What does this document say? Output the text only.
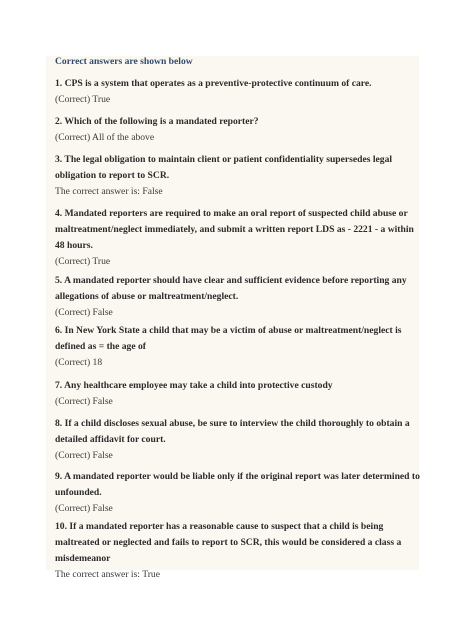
Correct answers are shown below
1. CPS is a system that operates as a preventive-protective continuum of care.
(Correct) True
2. Which of the following is a mandated reporter?
(Correct) All of the above
3. The legal obligation to maintain client or patient confidentiality supersedes legal obligation to report to SCR.
The correct answer is: False
4. Mandated reporters are required to make an oral report of suspected child abuse or maltreatment/neglect immediately, and submit a written report LDS as - 2221 - a within 48 hours.
(Correct) True
5. A mandated reporter should have clear and sufficient evidence before reporting any allegations of abuse or maltreatment/neglect.
(Correct) False
6. In New York State a child that may be a victim of abuse or maltreatment/neglect is defined as = the age of
(Correct) 18
7. Any healthcare employee may take a child into protective custody
(Correct) False
8. If a child discloses sexual abuse, be sure to interview the child thoroughly to obtain a detailed affidavit for court.
(Correct) False
9. A mandated reporter would be liable only if the original report was later determined to unfounded.
(Correct) False
10. If a mandated reporter has a reasonable cause to suspect that a child is being maltreated or neglected and fails to report to SCR, this would be considered a class a misdemeanor
The correct answer is: True
